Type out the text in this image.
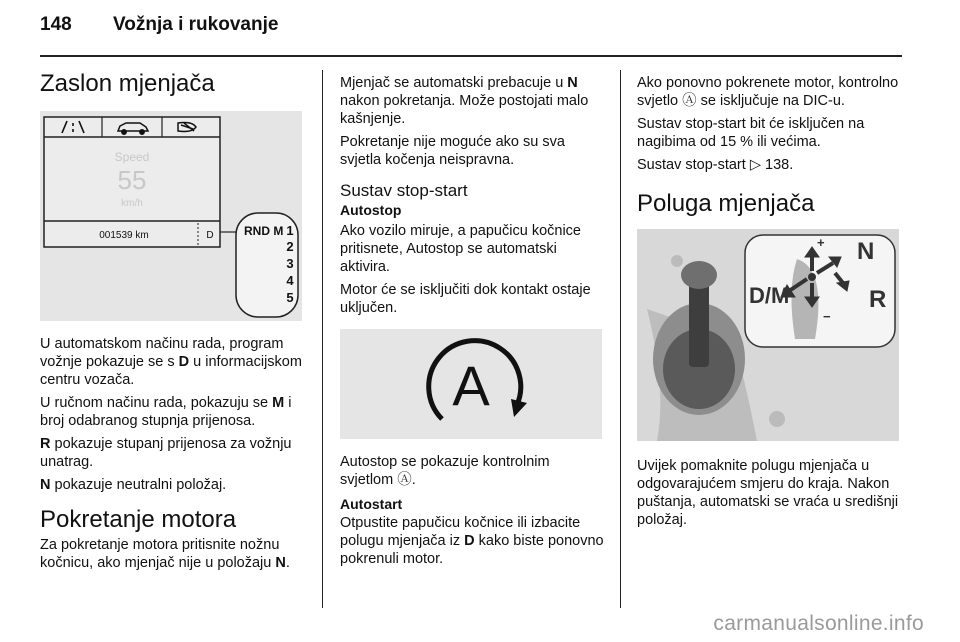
148 Vožnja i rukovanje
Zaslon mjenjača
Speed
55
km/h
001539 km	D	RND M 1
2
3
4
5

U automatskom načinu rada, program vožnje pokazuje se s D u informacijskom centru vozača.

U ručnom načinu rada, pokazuju se M i broj odabranog stupnja prijenosa.

R pokazuje stupanj prijenosa za vožnju unatrag.

N pokazuje neutralni položaj.

Pokretanje motora

Za pokretanje motora pritisnite nožnu kočnicu, ako mjenjač nije u položaju N.

Mjenjač se automatski prebacuje u N nakon pokretanja. Može postojati malo kašnjenje.

Pokretanje nije moguće ako su sva svjetla kočenja neispravna.

Sustav stop-start
Autostop

Ako vozilo miruje, a papučicu kočnice pritisnete, Autostop se automatski aktivira.

Motor će se isključiti dok kontakt ostaje uključen.

A

Autostop se pokazuje kontrolnim svjetlom Ⓐ.

Autostart

Otpustite papučicu kočnice ili izbacite polugu mjenjača iz D kako biste ponovno pokrenuli motor.

Ako ponovno pokrenete motor, kontrolno svjetlo Ⓐ se isključuje na DIC-u.

Sustav stop-start bit će isključen na nagibima od 15 % ili većima.

Sustav stop-start ▷ 138.

Poluga mjenjača
+
−
N
D/M	R

Uvijek pomaknite polugu mjenjača u odgovarajućem smjeru do kraja. Nakon puštanja, automatski se vraća u središnji položaj.

carmanualsonline.info
